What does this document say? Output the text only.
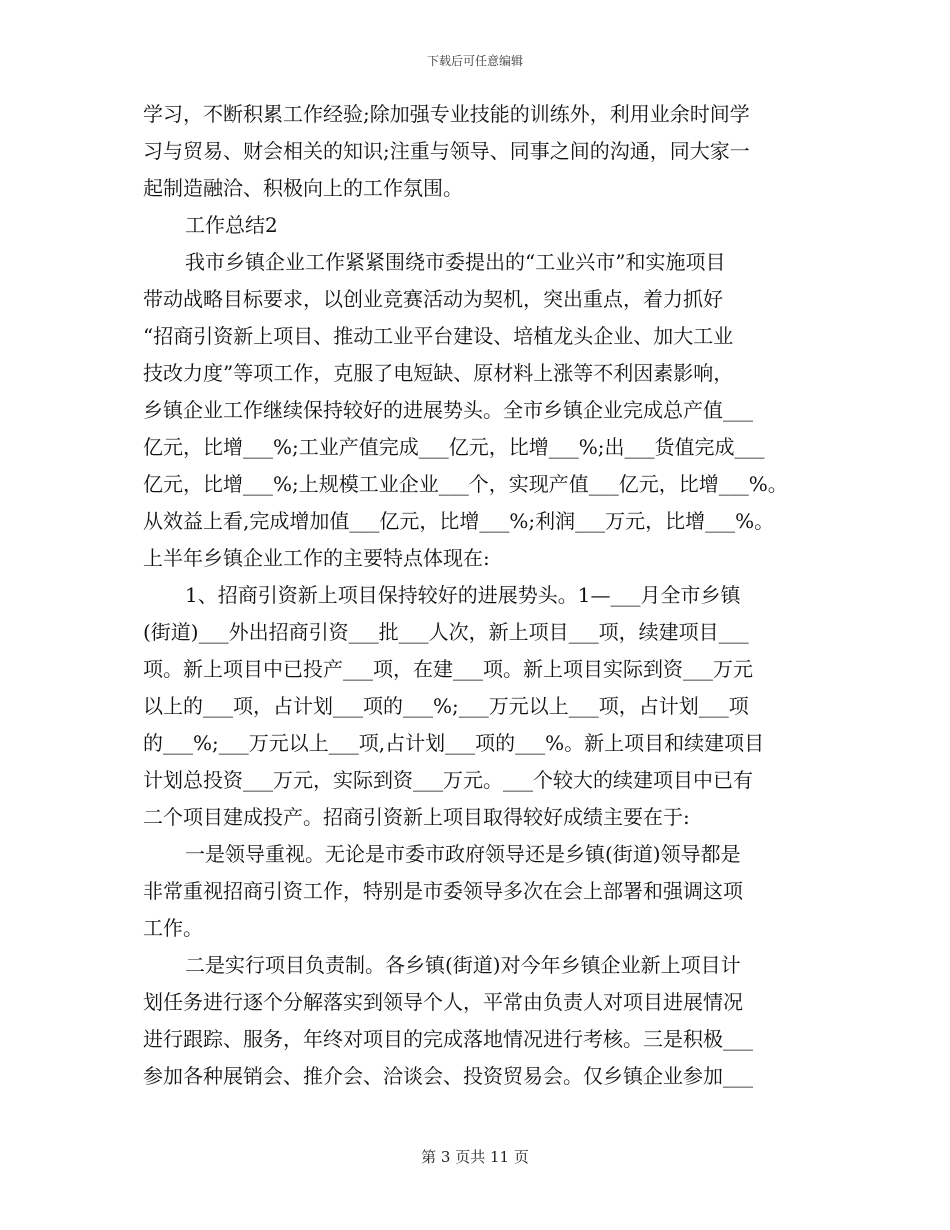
下载后可任意编辑
学习，不断积累工作经验;除加强专业技能的训练外，利用业余时间学
习与贸易、财会相关的知识;注重与领导、同事之间的沟通，同大家一
起制造融洽、积极向上的工作氛围。
工作总结2
我市乡镇企业工作紧紧围绕市委提出的“工业兴市”和实施项目
带动战略目标要求，以创业竞赛活动为契机，突出重点，着力抓好
“招商引资新上项目、推动工业平台建设、培植龙头企业、加大工业
技改力度”等项工作，克服了电短缺、原材料上涨等不利因素影响，
乡镇企业工作继续保持较好的进展势头。全市乡镇企业完成总产值___
亿元，比增___%;工业产值完成___亿元，比增___%;出___货值完成___
亿元，比增___%;上规模工业企业___个，实现产值___亿元，比增___%。
从效益上看,完成增加值___亿元，比增___%;利润___万元，比增___%。
上半年乡镇企业工作的主要特点体现在:
1、招商引资新上项目保持较好的进展势头。1—___月全市乡镇
(街道)___外出招商引资___批___人次，新上项目___项，续建项目___
项。新上项目中已投产___项，在建___项。新上项目实际到资___万元
以上的___项，占计划___项的___%;___万元以上___项，占计划___项
的___%;___万元以上___项,占计划___项的___%。新上项目和续建项目
计划总投资___万元，实际到资___万元。___个较大的续建项目中已有
二个项目建成投产。招商引资新上项目取得较好成绩主要在于:
一是领导重视。无论是市委市政府领导还是乡镇(街道)领导都是
非常重视招商引资工作，特别是市委领导多次在会上部署和强调这项
工作。
二是实行项目负责制。各乡镇(街道)对今年乡镇企业新上项目计
划任务进行逐个分解落实到领导个人，平常由负责人对项目进展情况
进行跟踪、服务，年终对项目的完成落地情况进行考核。三是积极___
参加各种展销会、推介会、洽谈会、投资贸易会。仅乡镇企业参加___
第 3 页共 11 页
